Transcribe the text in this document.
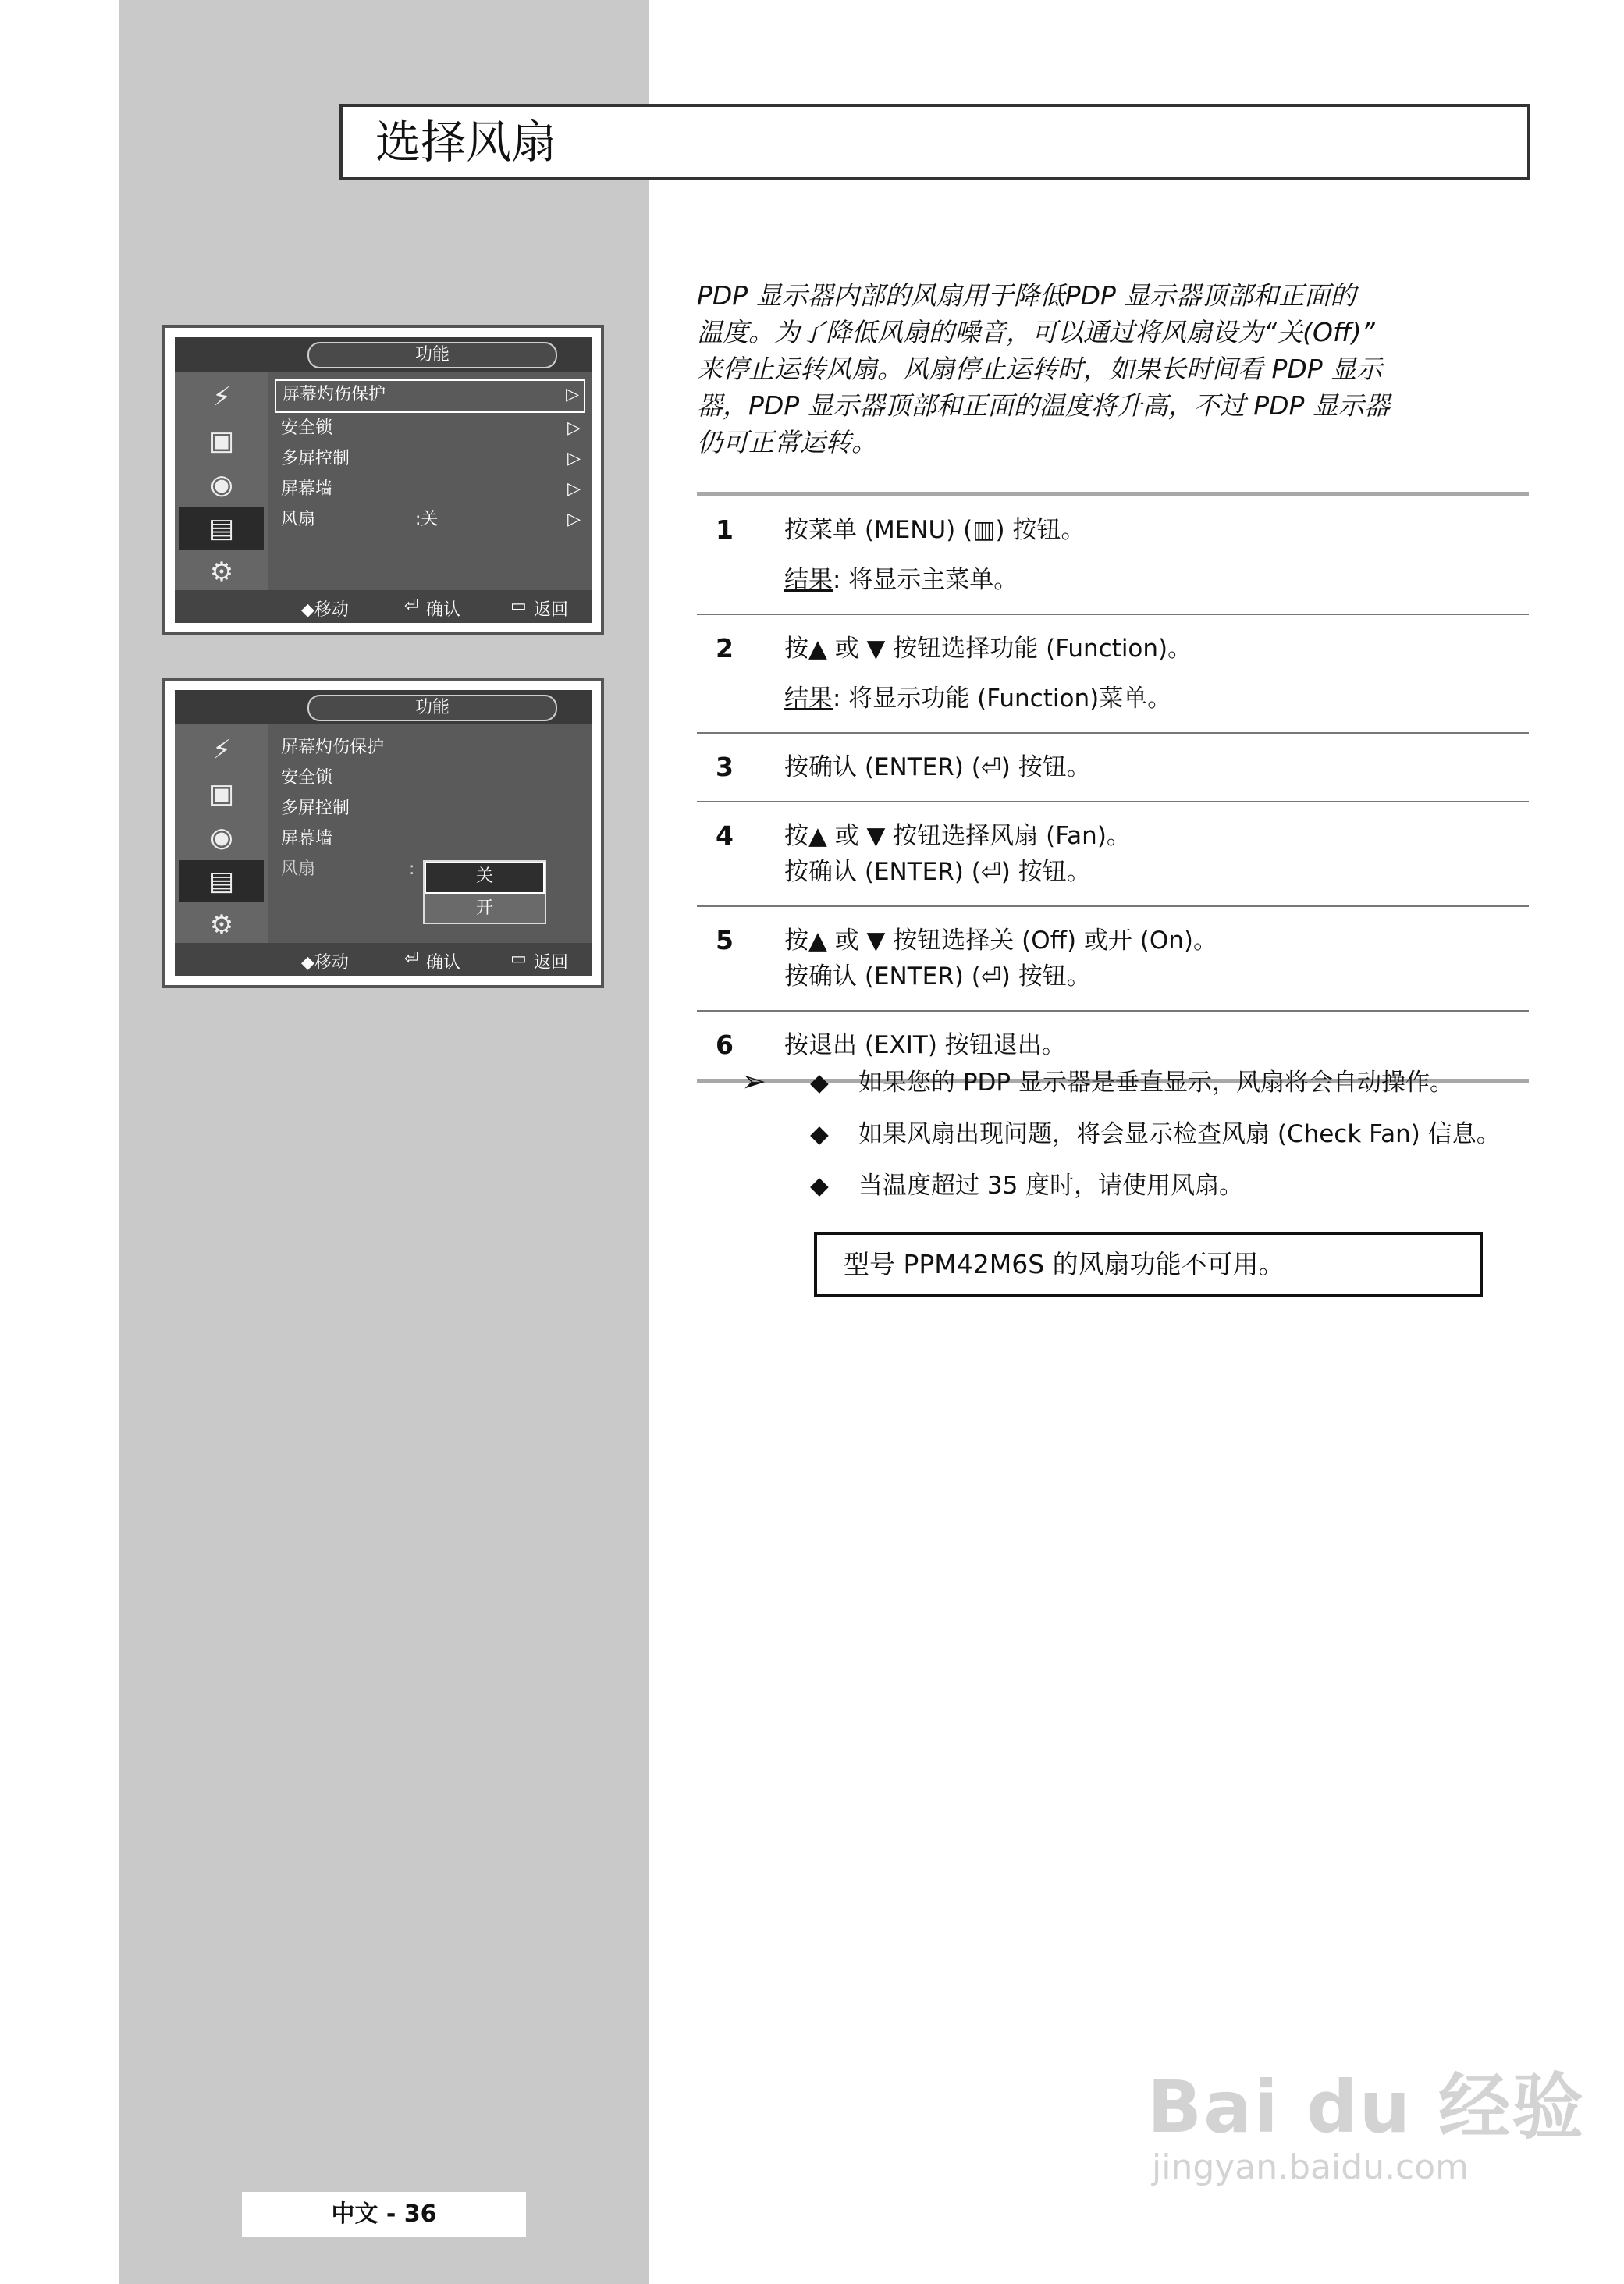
选择风扇
功能
⚡
▣
◉
▤
⚙
屏幕灼伤保护	▷
安全锁	▷
多屏控制	▷
屏幕墙	▷
风扇	:关	▷
◆移动	⏎ 确认	▭ 返回
功能
⚡
▣
◉
▤
⚙
屏幕灼伤保护
安全锁
多屏控制
屏幕墙
风扇	:	关
开
◆移动	⏎ 确认	▭ 返回
PDP 显示器内部的风扇用于降低PDP 显示器顶部和正面的
温度。为了降低风扇的噪音，可以通过将风扇设为“关(Off)”
来停止运转风扇。风扇停止运转时，如果长时间看 PDP 显示
器，PDP 显示器顶部和正面的温度将升高，不过 PDP 显示器
仍可正常运转。
1 按菜单 (MENU) (▥) 按钮。
结果: 将显示主菜单。
2 按▲ 或 ▼ 按钮选择功能 (Function)。
结果: 将显示功能 (Function)菜单。
3 按确认 (ENTER) (⏎) 按钮。
4 按▲ 或 ▼ 按钮选择风扇 (Fan)。
按确认 (ENTER) (⏎) 按钮。
5 按▲ 或 ▼ 按钮选择关 (Off) 或开 (On)。
按确认 (ENTER) (⏎) 按钮。
6 按退出 (EXIT) 按钮退出。
➢ ◆ 如果您的 PDP 显示器是垂直显示，风扇将会自动操作。
◆ 如果风扇出现问题，将会显示检查风扇 (Check Fan) 信息。
◆ 当温度超过 35 度时，请使用风扇。
型号 PPM42M6S 的风扇功能不可用。
中文 - 36
Bai du 经验
jingyan.baidu.com
